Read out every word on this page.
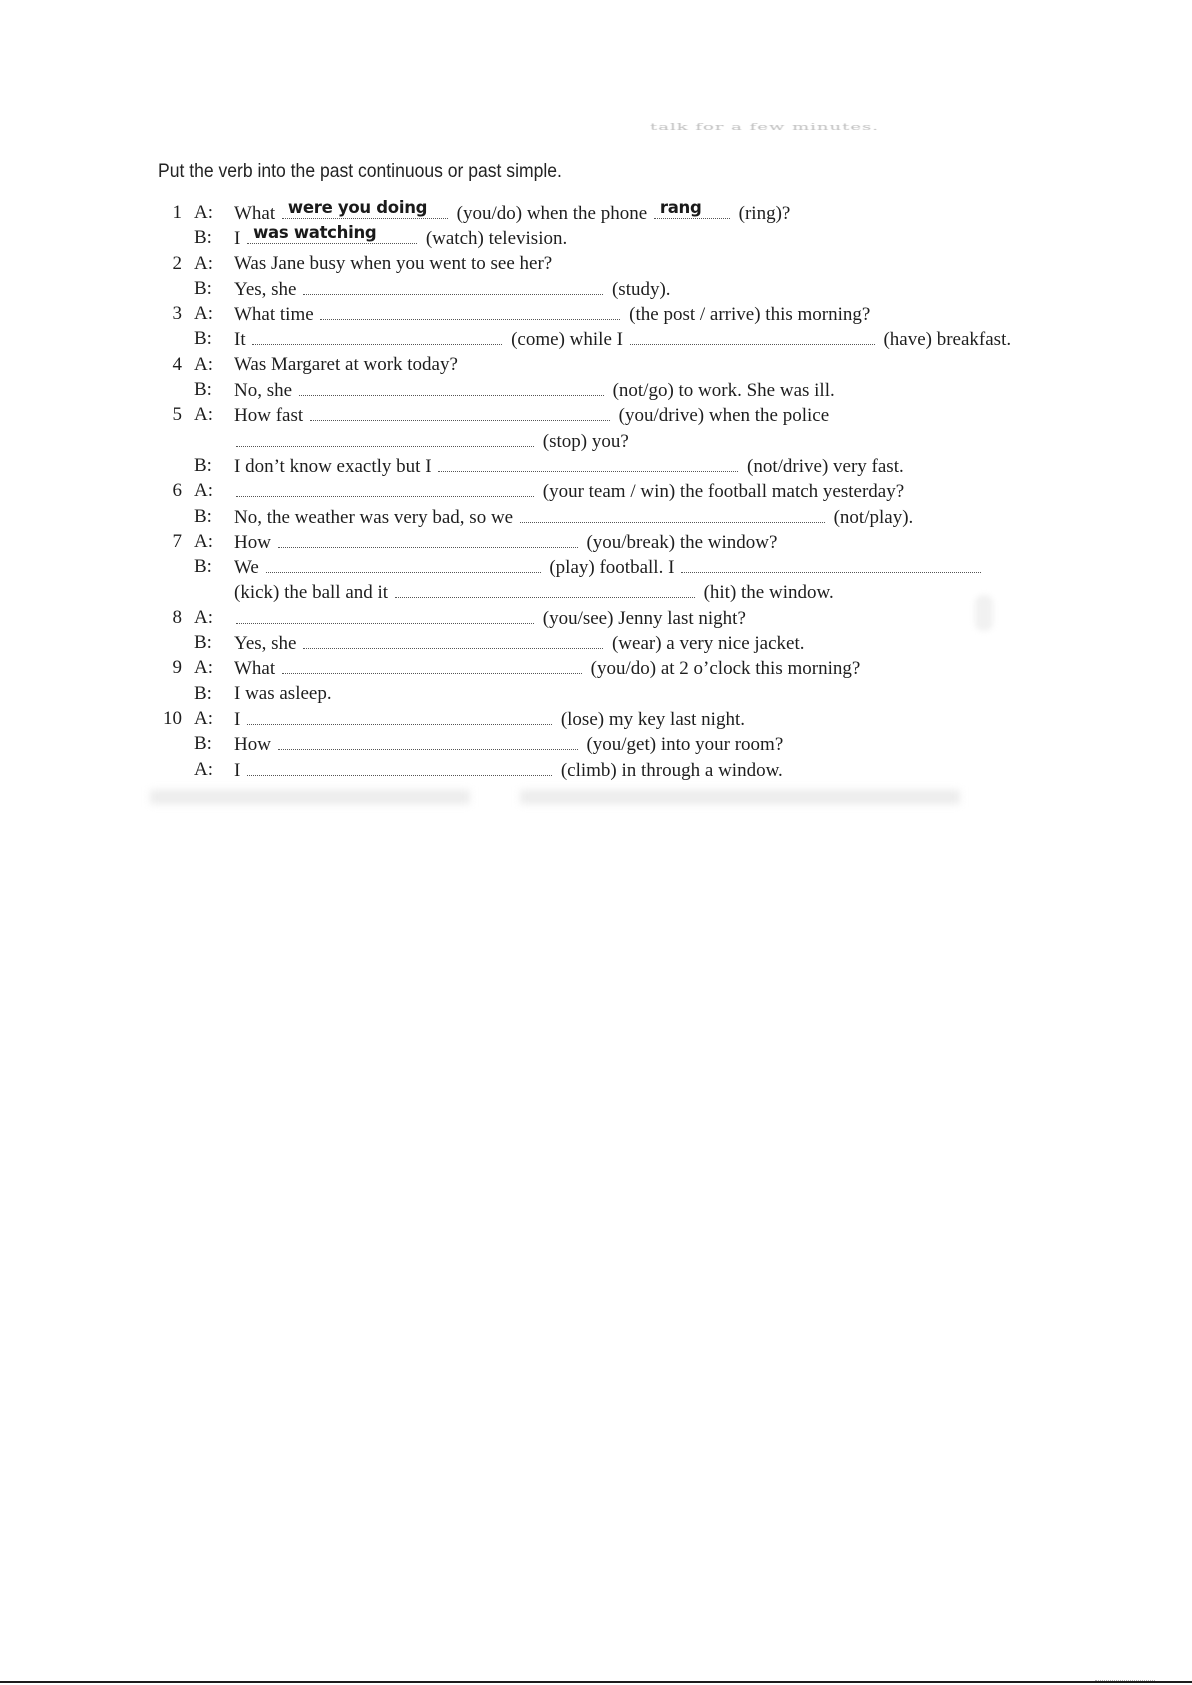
talk for a few minutes.
Put the verb into the past continuous or past simple.
1 A: What were you doing (you/do) when the phone rang (ring)?
B: I was watching	(watch) television.
2 A: Was Jane busy when you went to see her?
B: Yes, she	(study).
3 A: What time	(the post / arrive) this morning?
B: It	(come) while I	(have) breakfast.
4 A: Was Margaret at work today?
B: No, she	(not/go) to work. She was ill.
5 A: How fast	(you/drive) when the police
(stop) you?
B: I don’t know exactly but I	(not/drive) very fast.
6 A:	(your team / win) the football match yesterday?
B: No, the weather was very bad, so we	(not/play).
7 A: How	(you/break) the window?
B: We	(play) football. I
(kick) the ball and it	(hit) the window.
8 A:	(you/see) Jenny last night?
B: Yes, she	(wear) a very nice jacket.
9 A: What	(you/do) at 2 o’clock this morning?
B: I was asleep.
10 A: I	(lose) my key last night.
B: How	(you/get) into your room?
A: I	(climb) in through a window.
